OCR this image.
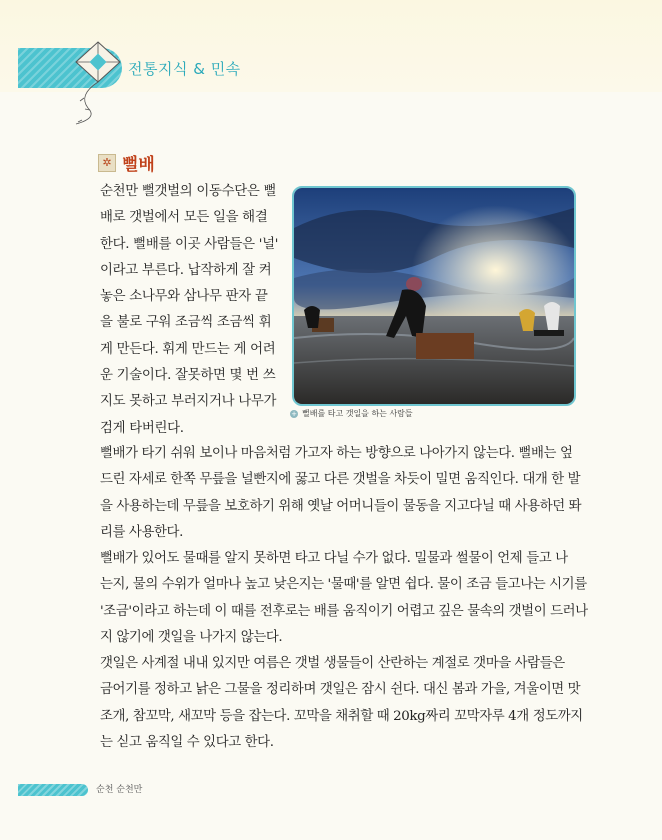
전통지식 & 민속
✲ 뻘배
순천만 뻘갯벌의 이동수단은 뻘
배로 갯벌에서 모든 일을 해결
한다. 뻘배를 이곳 사람들은 '널'
이라고 부른다. 납작하게 잘 켜
놓은 소나무와 삼나무 판자 끝
을 불로 구워 조금씩 조금씩 휘
게 만든다. 휘게 만드는 게 어려
운 기술이다. 잘못하면 몇 번 쓰
지도 못하고 부러지거나 나무가
검게 타버린다.
+ 뻘배를 타고 갯일을 하는 사람들
뻘배가 타기 쉬워 보이나 마음처럼 가고자 하는 방향으로 나아가지 않는다. 뻘배는 엎
드린 자세로 한쪽 무릎을 널빤지에 꿇고 다른 갯벌을 차듯이 밀면 움직인다. 대개 한 발
을 사용하는데 무릎을 보호하기 위해 옛날 어머니들이 물동을 지고다닐 때 사용하던 똬
리를 사용한다.
뻘배가 있어도 물때를 알지 못하면 타고 다닐 수가 없다. 밀물과 썰물이 언제 들고 나
는지, 물의 수위가 얼마나 높고 낮은지는 '물때'를 알면 쉽다. 물이 조금 들고나는 시기를
'조금'이라고 하는데 이 때를 전후로는 배를 움직이기 어렵고 깊은 물속의 갯벌이 드러나
지 않기에 갯일을 나가지 않는다.
갯일은 사계절 내내 있지만 여름은 갯벌 생물들이 산란하는 계절로 갯마을 사람들은
금어기를 정하고 낡은 그물을 정리하며 갯일은 잠시 쉰다. 대신 봄과 가을, 겨울이면 맛
조개, 참꼬막, 새꼬막 등을 잡는다. 꼬막을 채취할 때 20kg짜리 꼬막자루 4개 정도까지
는 싣고 움직일 수 있다고 한다.
순천 순천만
